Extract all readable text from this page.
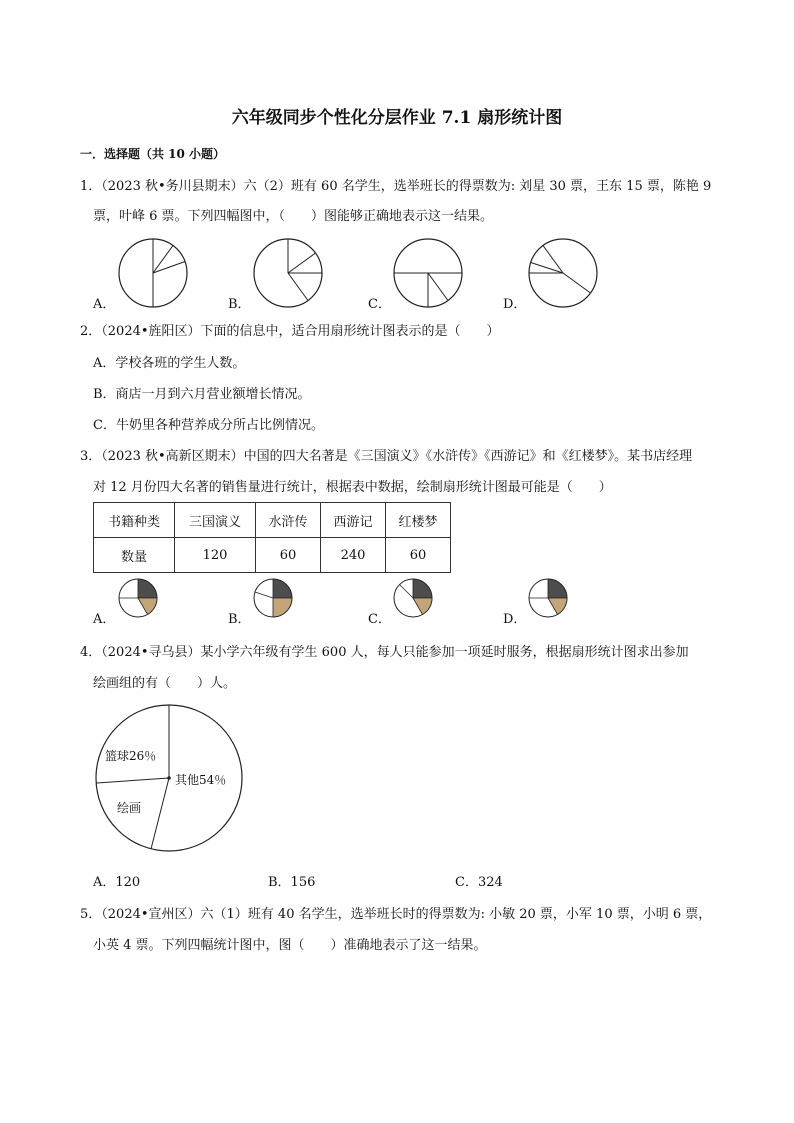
六年级同步个性化分层作业 7.1 扇形统计图
一．选择题（共 10 小题）
1．（2023 秋•务川县期末）六（2）班有 60 名学生，选举班长的得票数为: 刘星 30 票，王东 15 票，陈艳 9
票，叶峰 6 票。下列四幅图中，（　　）图能够正确地表示这一结果。
A．	B．	C．	D．
2．（2024•旌阳区）下面的信息中，适合用扇形统计图表示的是（　　）
A．学校各班的学生人数。
B．商店一月到六月营业额增长情况。
C．牛奶里各种营养成分所占比例情况。
3．（2023 秋•高新区期末）中国的四大名著是《三国演义》《水浒传》《西游记》和《红楼梦》。某书店经理
对 12 月份四大名著的销售量进行统计，根据表中数据，绘制扇形统计图最可能是（　　）
书籍种类	三国演义	水浒传	西游记	红楼梦
数量	120	60	240	60
A．	B．	C．	D．
4．（2024•寻乌县）某小学六年级有学生 600 人，每人只能参加一项延时服务，根据扇形统计图求出参加
绘画组的有（　　）人。
篮球26％
其他54％
绘画
A．120	B．156	C．324
5．（2024•宣州区）六（1）班有 40 名学生，选举班长时的得票数为: 小敏 20 票，小军 10 票，小明 6 票，
小英 4 票。下列四幅统计图中，图（　　）准确地表示了这一结果。
